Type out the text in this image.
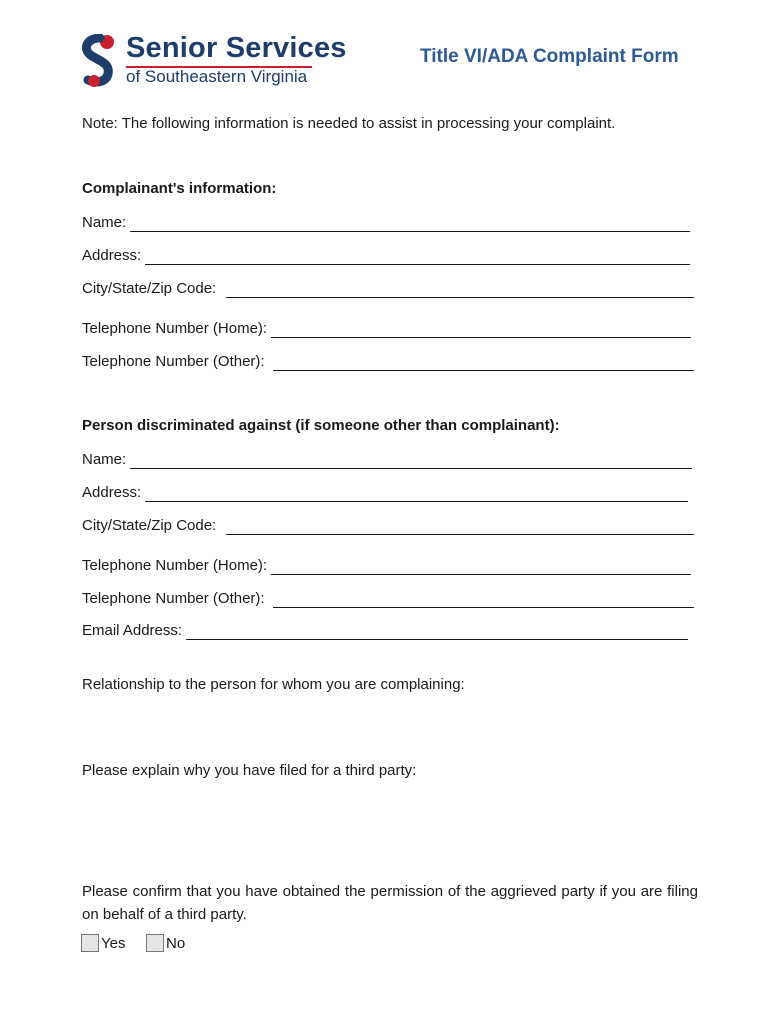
Senior Services
of Southeastern Virginia
Title VI/ADA Complaint Form
Note: The following information is needed to assist in processing your complaint.
Complainant's information:
Name:
Address:
City/State/Zip Code:
Telephone Number (Home):
Telephone Number (Other):
Person discriminated against (if someone other than complainant):
Name:
Address:
City/State/Zip Code:
Telephone Number (Home):
Telephone Number (Other):
Email Address:
Relationship to the person for whom you are complaining:
Please explain why you have filed for a third party:
Please confirm that you have obtained the permission of the aggrieved party if you are filing on behalf of a third party.
Yes	No
